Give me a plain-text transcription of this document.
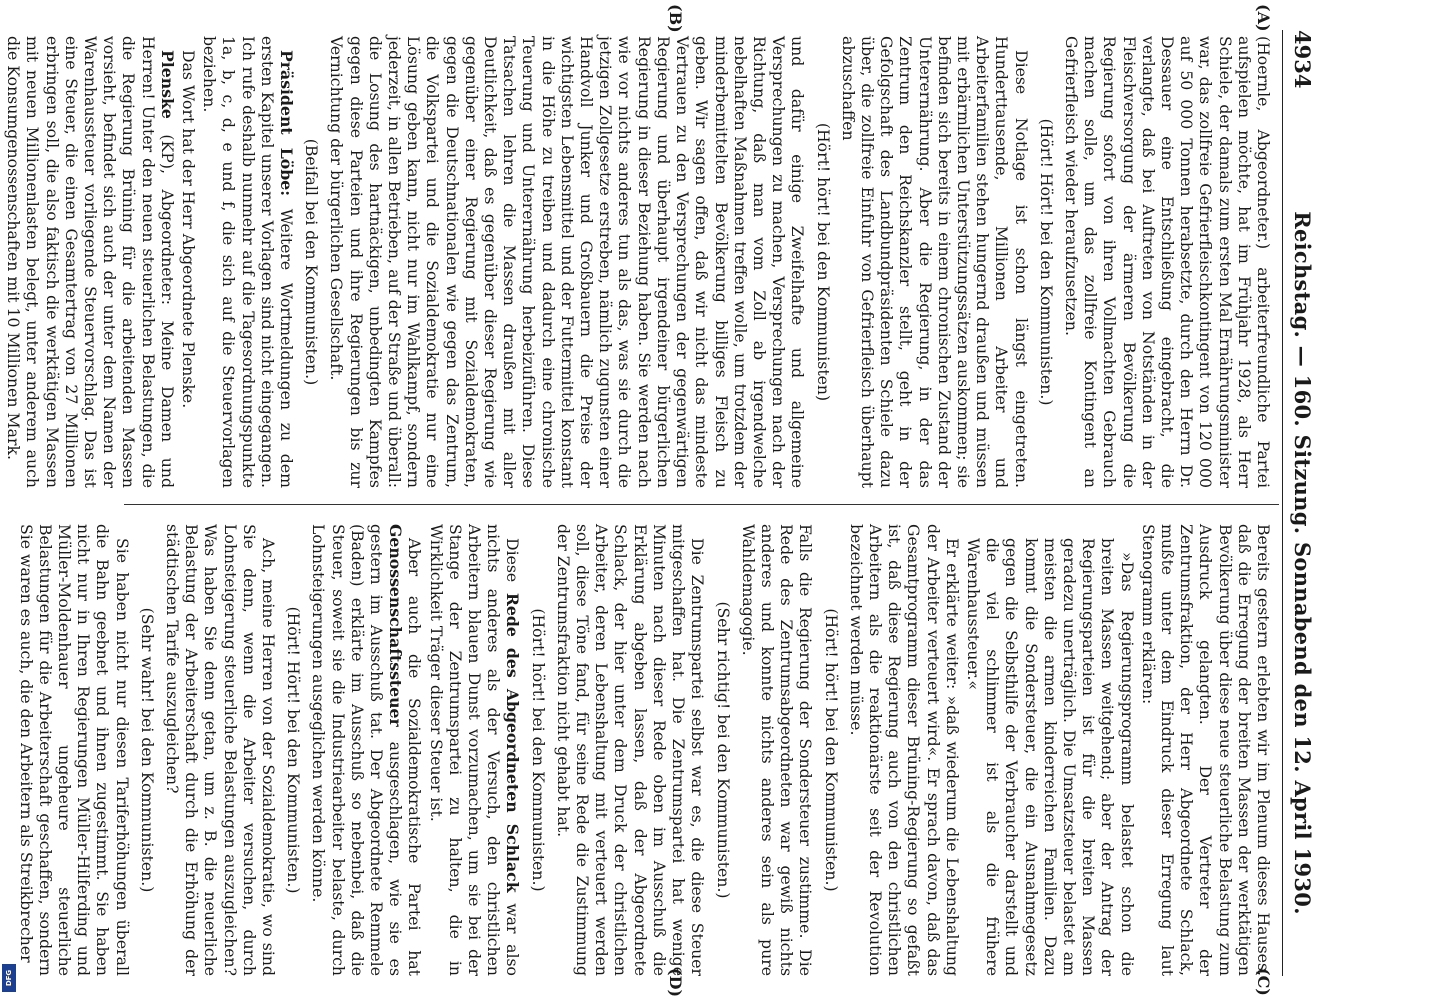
DFG
4934
Reichstag. — 160. Sitzung. Sonnabend den 12. April 1930.
(A)
(B)
(C)
(D)

(Hoernle, Abgeordneter.) arbeiterfreundliche Partei aufspielen möchte, hat im Frühjahr 1928, als Herr Schiele, der damals zum ersten Mal Ernährungsminister war, das zollfreie Gefrierfleischkontingent von 120 000 auf 50 000 Tonnen herabsetzte, durch den Herrn Dr. Dessauer eine Entschließung eingebracht, die verlangte, daß bei Auftreten von Notständen in der Fleischversorgung der ärmeren Bevölkerung die Regierung sofort von ihren Vollmachten Gebrauch machen solle, um das zollfreie Kontingent an Gefrierfleisch wieder heraufzusetzen.

(Hört! Hört! bei den Kommunisten.)

Diese Notlage ist schon längst eingetreten. Hunderttausende, Millionen Arbeiter und Arbeiterfamilien stehen hungernd draußen und müssen mit erbärmlichen Unterstützungssätzen auskommen; sie befinden sich bereits in einem chronischen Zustand der Unterernährung. Aber die Regierung, in der das Zentrum den Reichskanzler stellt, geht in der Gefolgschaft des Landbundpräsidenten Schiele dazu über, die zollfreie Einfuhr von Gefrierfleisch überhaupt abzuschaffen

(Hört! hört! bei den Kommunisten)

und dafür einige Zweifelhafte und allgemeine Versprechungen zu machen, Versprechungen nach der Richtung, daß man vom Zoll ab irgendwelche nebelhaften Maßnahmen treffen wolle, um trotzdem der minderbemittelten Bevölkerung billiges Fleisch zu geben. Wir sagen offen, daß wir nicht das mindeste Vertrauen zu den Versprechungen der gegenwärtigen Regierung und überhaupt irgendeiner bürgerlichen Regierung in dieser Beziehung haben. Sie werden nach wie vor nichts anderes tun als das, was sie durch die jetzigen Zollgesetze erstreben, nämlich zugunsten einer Handvoll Junker und Großbauern die Preise der wichtigsten Lebensmittel und der Futtermittel konstant in die Höhe zu treiben und dadurch eine chronische Teuerung und Unterernährung herbeizuführen. Diese Tatsachen lehren die Massen draußen mit aller Deutlichkeit, daß es gegenüber dieser Regierung wie gegenüber einer Regierung mit Sozialdemokraten, gegen die Deutschnationalen wie gegen das Zentrum, die Volkspartei und die Sozialdemokratie nur eine Lösung geben kann, nicht nur im Wahlkampf, sondern jederzeit, in allen Betrieben, auf der Straße und überall: die Losung des hartnäckigen, unbedingten Kampfes gegen diese Parteien und ihre Regierungen bis zur Vernichtung der bürgerlichen Gesellschaft.

(Beifall bei den Kommunisten.)

Präsident Löbe: Weitere Wortmeldungen zu dem ersten Kapitel unserer Vorlagen sind nicht eingegangen. Ich rufe deshalb nunmehr auf die Tagesordnungspunkte 1a, b, c, d, e und f, die sich auf die Steuervorlagen beziehen.

Das Wort hat der Herr Abgeordnete Plenske.

Plenske (KP), Abgeordneter: Meine Damen und Herren! Unter den neuen steuerlichen Belastungen, die die Regierung Brüning für die arbeitenden Massen vorsieht, befindet sich auch der unter dem Namen der Warenhaussteuer vorliegende Steuervorschlag. Das ist eine Steuer, die einen Gesamtertrag von 27 Millionen erbringen soll, die also faktisch die werktätigen Massen mit neuen Millionenlasten belegt, unter anderem auch die Konsumgenossenschaften mit 10 Millionen Mark.

Bereits gestern erlebten wir im Plenum dieses Hauses, daß die Erregung der breiten Massen der werktätigen Bevölkerung über diese neue steuerliche Belastung zum Ausdruck gelangten. Der Vertreter der Zentrumsfraktion, der Herr Abgeordnete Schlack, mußte unter dem Eindruck dieser Erregung laut Stenogramm erklären:

»Das Regierungsprogramm belastet schon die breiten Massen weitgehend; aber der Antrag der Regierungsparteien ist für die breiten Massen geradezu unerträglich. Die Umsatzsteuer belastet am meisten die armen kinderreichen Familien. Dazu kommt die Sondersteuer, die ein Ausnahmegesetz gegen die Selbsthilfe der Verbraucher darstellt und die viel schlimmer ist als die frühere Warenhaussteuer.«

Er erklärte weiter: »daß wiederum die Lebenshaltung der Arbeiter verteuert wird«. Er sprach davon, daß das Gesamtprogramm dieser Brüning-Regierung so gefaßt ist, daß diese Regierung auch von den christlichen Arbeitern als die reaktionärste seit der Revolution bezeichnet werden müsse.

(Hört! hört! bei den Kommunisten.)

Falls die Regierung der Sondersteuer zustimme. Die Rede des Zentrumsabgeordneten war gewiß nichts anderes und konnte nichts anderes sein als pure Wahldemagogie.

(Sehr richtig! bei den Kommunisten.)

Die Zentrumspartei selbst war es, die diese Steuer mitgeschaffen hat. Die Zentrumspartei hat wenige Minuten nach dieser Rede oben im Ausschuß die Erklärung abgeben lassen, daß der Abgeordnete Schlack, der hier unter dem Druck der christlichen Arbeiter, deren Lebenshaltung mit verteuert werden soll, diese Töne fand, für seine Rede die Zustimmung der Zentrumsfraktion nicht gehabt hat.

(Hört! hört! bei den Kommunisten.)

Diese Rede des Abgeordneten Schlack war also nichts anderes als der Versuch, den christlichen Arbeitern blauen Dunst vorzumachen, um sie bei der Stange der Zentrumspartei zu halten, die in Wirklichkeit Träger dieser Steuer ist.

Aber auch die Sozialdemokratische Partei hat Genossenschaftssteuer ausgeschlagen, wie sie es gestern im Ausschuß tat. Der Abgeordnete Remmele (Baden) erklärte im Ausschuß so nebenbei, daß die Steuer, soweit sie die Industriearbeiter belaste, durch Lohnsteigerungen ausgeglichen werden könne.

(Hört! Hört! bei den Kommunisten.)

Ach, meine Herren von der Sozialdemokratie, wo sind Sie denn, wenn die Arbeiter versuchen, durch Lohnsteigerung steuerliche Belastungen auszugleichen? Was haben Sie denn getan, um z. B. die neuerliche Belastung der Arbeiterschaft durch die Erhöhung der städtischen Tarife auszugleichen?

(Sehr wahr! bei den Kommunisten.)

Sie haben nicht nur diesen Tariferhöhungen überall die Bahn geebnet und ihnen zugestimmt. Sie haben nicht nur in Ihren Regierungen Müller-Hilferding und Müller-Moldenhauer ungeheure steuerliche Belastungen für die Arbeiterschaft geschaffen, sondern Sie waren es auch, die den Arbeitern als Streikbrecher
